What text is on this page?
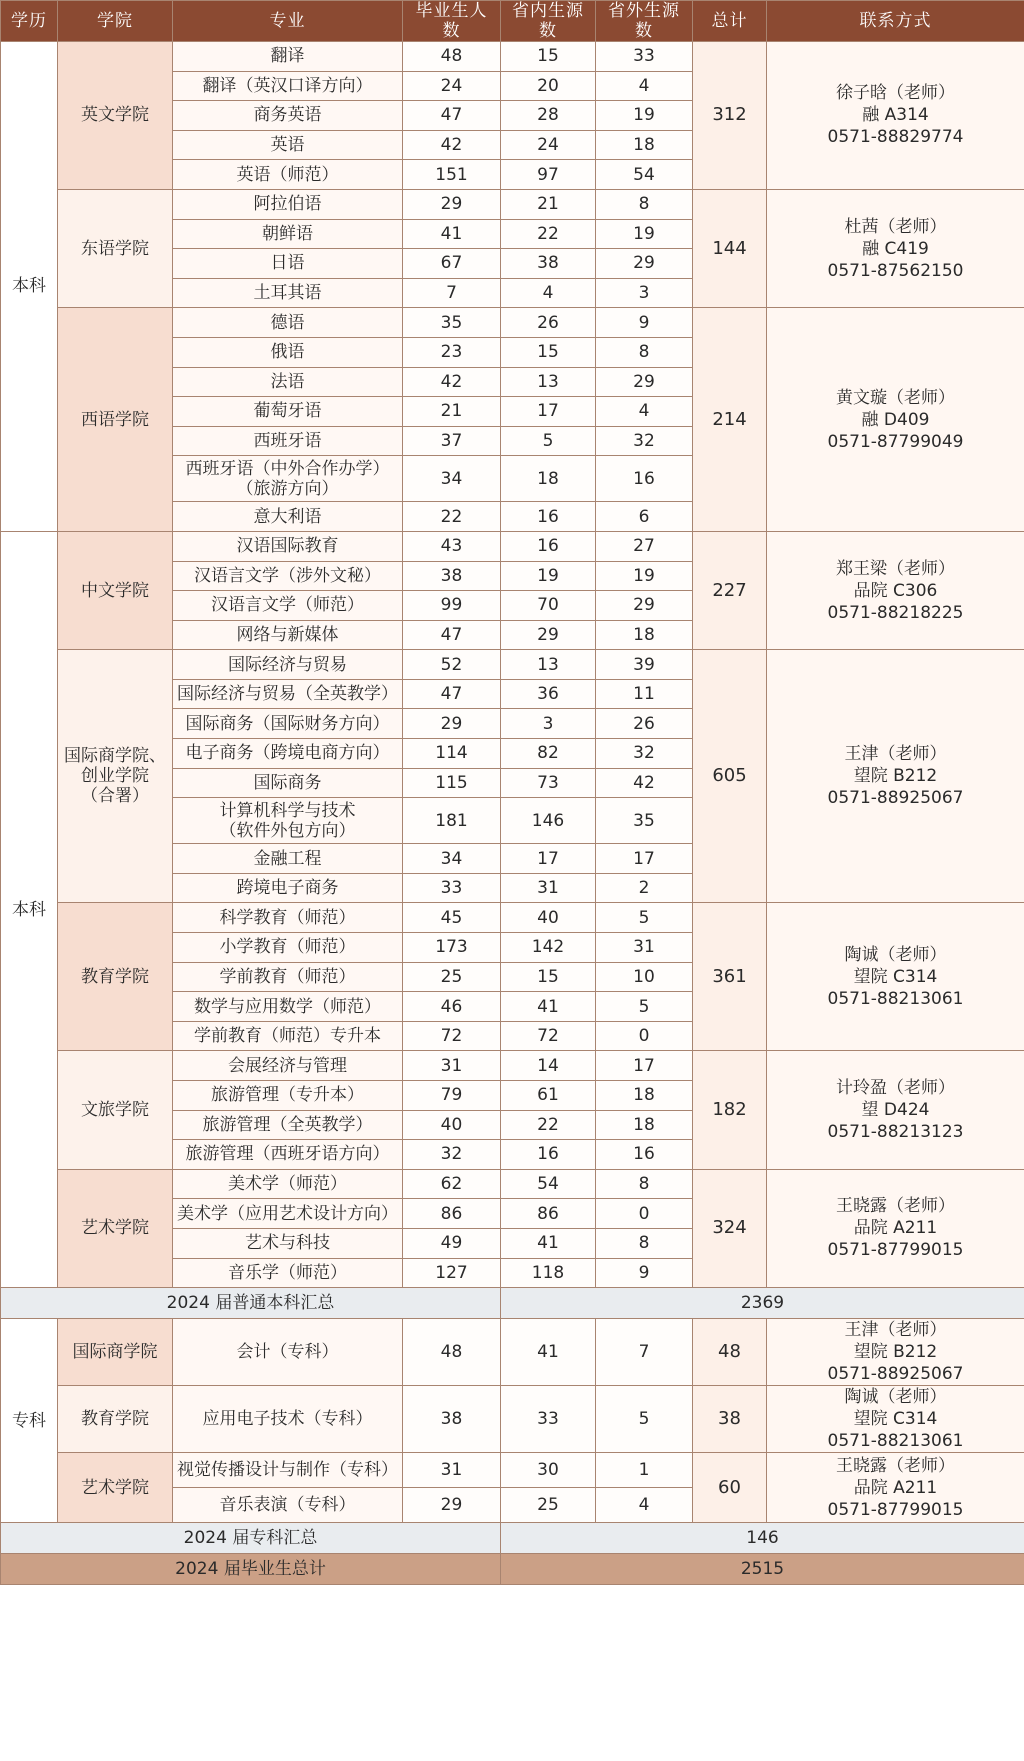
学历	学院	专业	毕业生人数	省内生源数	省外生源数	总计	联系方式
本科	英文学院	翻译	48	15	33	312	徐子晗（老师）
融 A314
0571-88829774

		翻译（英汉口译方向）	24	20	4		
		商务英语	47	28	19		
		英语	42	24	18		
		英语（师范）	151	97	54		
	东语学院	阿拉伯语	29	21	8	144	杜茜（老师）
融 C419
0571-87562150

		朝鲜语	41	22	19		
		日语	67	38	29		
		土耳其语	7	4	3		
	西语学院	德语	35	26	9	214	黄文璇（老师）
融 D409
0571-87799049

		俄语	23	15	8		
		法语	42	13	29		
		葡萄牙语	21	17	4		
		西班牙语	37	5	32		

		西班牙语（中外合作办学）
（旅游方向）	34	18	16		
		意大利语	22	16	6		
本科	中文学院	汉语国际教育	43	16	27	227	郑王梁（老师）
品院 C306
0571-88218225

		汉语言文学（涉外文秘）	38	19	19		
		汉语言文学（师范）	99	70	29		
		网络与新媒体	47	29	18		

	国际商学院、
创业学院
（合署）	国际经济与贸易	52	13	39	605	王津（老师）
望院 B212
0571-88925067

		国际经济与贸易（全英教学）	47	36	11		
		国际商务（国际财务方向）	29	3	26		
		电子商务（跨境电商方向）	114	82	32		
		国际商务	115	73	42		

		计算机科学与技术
（软件外包方向）	181	146	35		
		金融工程	34	17	17		
		跨境电子商务	33	31	2		
	教育学院	科学教育（师范）	45	40	5	361	陶诚（老师）
望院 C314
0571-88213061

		小学教育（师范）	173	142	31		
		学前教育（师范）	25	15	10		
		数学与应用数学（师范）	46	41	5		
		学前教育（师范）专升本	72	72	0		
	文旅学院	会展经济与管理	31	14	17	182	计玲盈（老师）
望 D424
0571-88213123

		旅游管理（专升本）	79	61	18		
		旅游管理（全英教学）	40	22	18		
		旅游管理（西班牙语方向）	32	16	16		
	艺术学院	美术学（师范）	62	54	8	324	王晓露（老师）
品院 A211
0571-87799015

		美术学（应用艺术设计方向）	86	86	0		
		艺术与科技	49	41	8		
		音乐学（师范）	127	118	9		
2024 届普通本科汇总				2369			
专科	国际商学院	会计（专科）	48	41	7	48	王津（老师）
望院 B212
0571-88925067

	教育学院	应用电子技术（专科）	38	33	5	38	陶诚（老师）
望院 C314
0571-88213061

	艺术学院	视觉传播设计与制作（专科）	31	30	1	60	王晓露（老师）
品院 A211
0571-87799015

		音乐表演（专科）	29	25	4		
2024 届专科汇总				146			
2024 届毕业生总计				2515			
